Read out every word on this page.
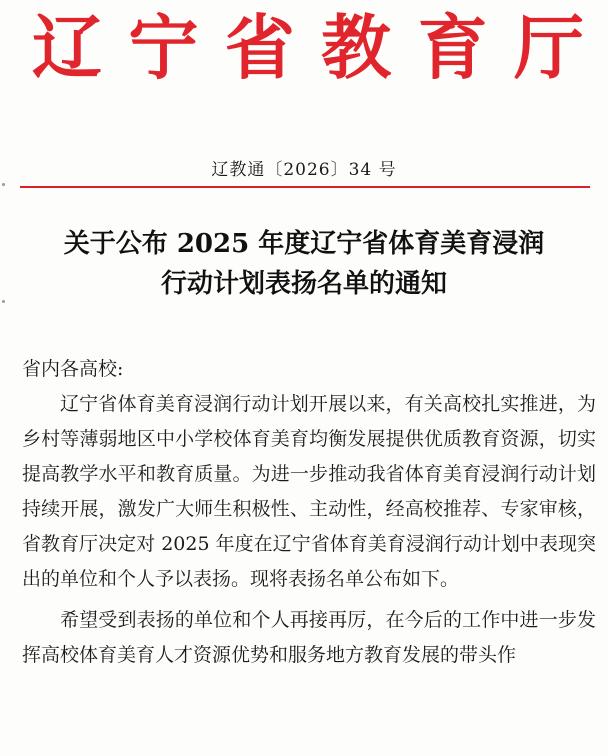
辽 宁 省 教 育 厅
辽教通〔2026〕34 号
关于公布 2025 年度辽宁省体育美育浸润
行动计划表扬名单的通知

省内各高校:

辽宁省体育美育浸润行动计划开展以来，有关高校扎实推进，为乡村等薄弱地区中小学校体育美育均衡发展提供优质教育资源，切实提高教学水平和教育质量。为进一步推动我省体育美育浸润行动计划持续开展，激发广大师生积极性、主动性，经高校推荐、专家审核，省教育厅决定对 2025 年度在辽宁省体育美育浸润行动计划中表现突出的单位和个人予以表扬。现将表扬名单公布如下。

希望受到表扬的单位和个人再接再厉，在今后的工作中进一步发挥高校体育美育人才资源优势和服务地方教育发展的带头作
